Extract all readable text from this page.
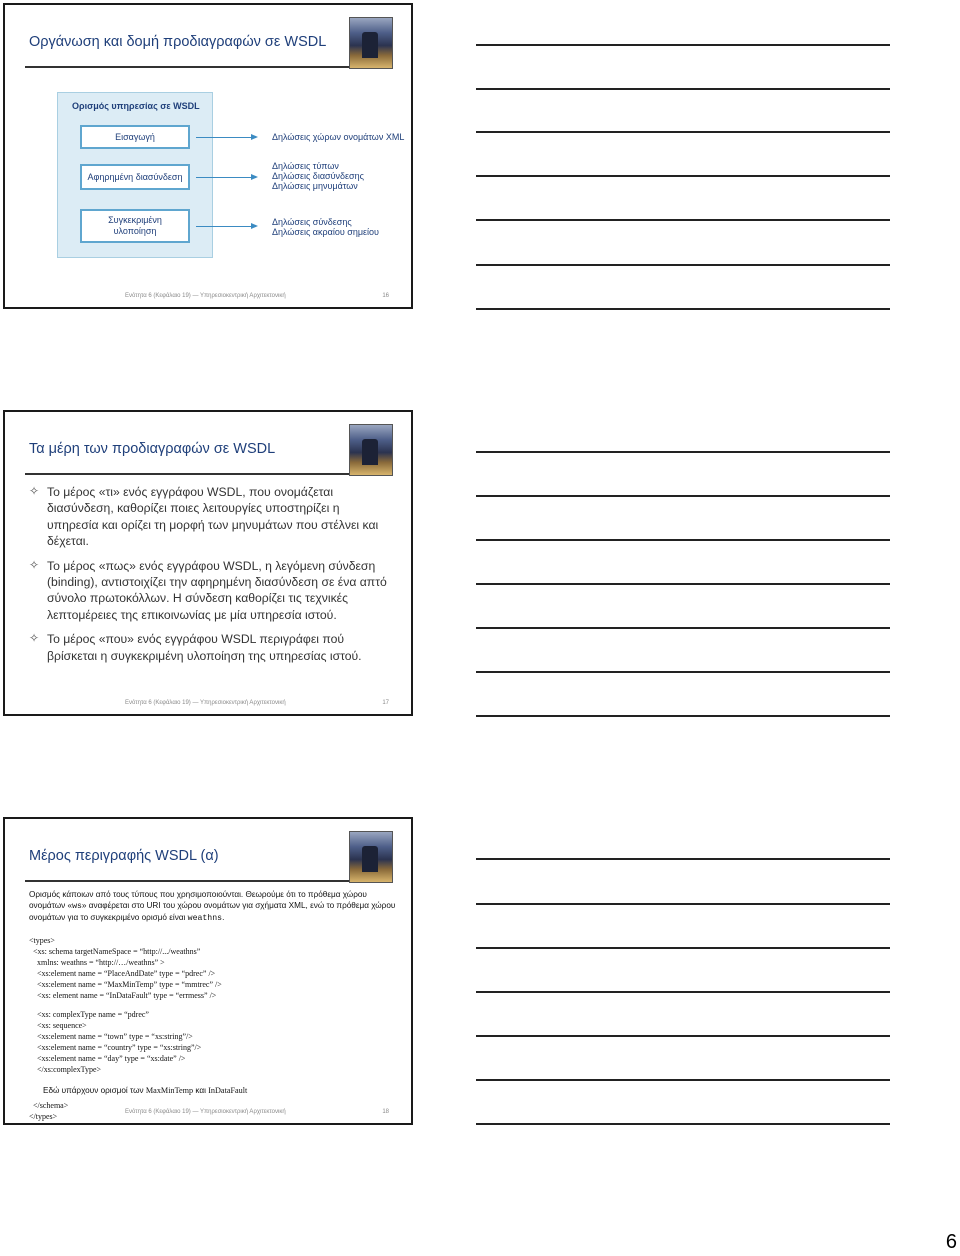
Οργάνωση και δομή προδιαγραφών σε WSDL
Ενότητα 6 (Κεφάλαιο 19) — Υπηρεσιοκεντρική Αρχιτεκτονική	16
Ορισμός υπηρεσίας σε WSDL
Εισαγωγή
Αφηρημένη διασύνδεση
Συγκεκριμένη υλοποίηση
Δηλώσεις χώρων ονομάτων XML
Δηλώσεις τύπων
Δηλώσεις διασύνδεσης
Δηλώσεις μηνυμάτων
Δηλώσεις σύνδεσης
Δηλώσεις ακραίου σημείου
Τα μέρη των προδιαγραφών σε WSDL
✧ Το μέρος «τι» ενός εγγράφου WSDL, που ονομάζεται διασύνδεση, καθορίζει ποιες λειτουργίες υποστηρίζει η υπηρεσία και ορίζει τη μορφή των μηνυμάτων που στέλνει και δέχεται.
✧ Το μέρος «πως» ενός εγγράφου WSDL, η λεγόμενη σύνδεση (binding), αντιστοιχίζει την αφηρημένη διασύνδεση σε ένα απτό σύνολο πρωτοκόλλων. Η σύνδεση καθορίζει τις τεχνικές λεπτομέρειες της επικοινωνίας με μία υπηρεσία ιστού.
✧ Το μέρος «που» ενός εγγράφου WSDL περιγράφει πού βρίσκεται η συγκεκριμένη υλοποίηση της υπηρεσίας ιστού.
Ενότητα 6 (Κεφάλαιο 19) — Υπηρεσιοκεντρική Αρχιτεκτονική	17
Μέρος περιγραφής WSDL (α)
Ορισμός κάποιων από τους τύπους που χρησιμοποιούνται. Θεωρούμε ότι το πρόθεμα χώρου ονομάτων «ws» αναφέρεται στο URI του χώρου ονομάτων για σχήματα XML, ενώ το πρόθεμα χώρου ονομάτων για το συγκεκριμένο ορισμό είναι weathns.
<types>
<xs: schema targetNameSpace = “http://.../weathns”
xmlns: weathns = “http://…/weathns” >
<xs:element name = “PlaceAndDate” type = “pdrec” />
<xs:element name = “MaxMinTemp” type = “mmtrec” />
<xs: element name = “InDataFault” type = “errmess” />
<xs: complexType name = “pdrec”
<xs: sequence>
<xs:element name = “town” type = “xs:string”/>
<xs:element name = “country” type = “xs:string”/>
<xs:element name = “day” type = “xs:date” />
</xs:complexType>
</schema>
</types>	Ενότητα 6 (Κεφάλαιο 19) — Υπηρεσιοκεντρική Αρχιτεκτονική	18
Εδώ υπάρχουν ορισμοί των MaxMinTemp και InDataFault
6
